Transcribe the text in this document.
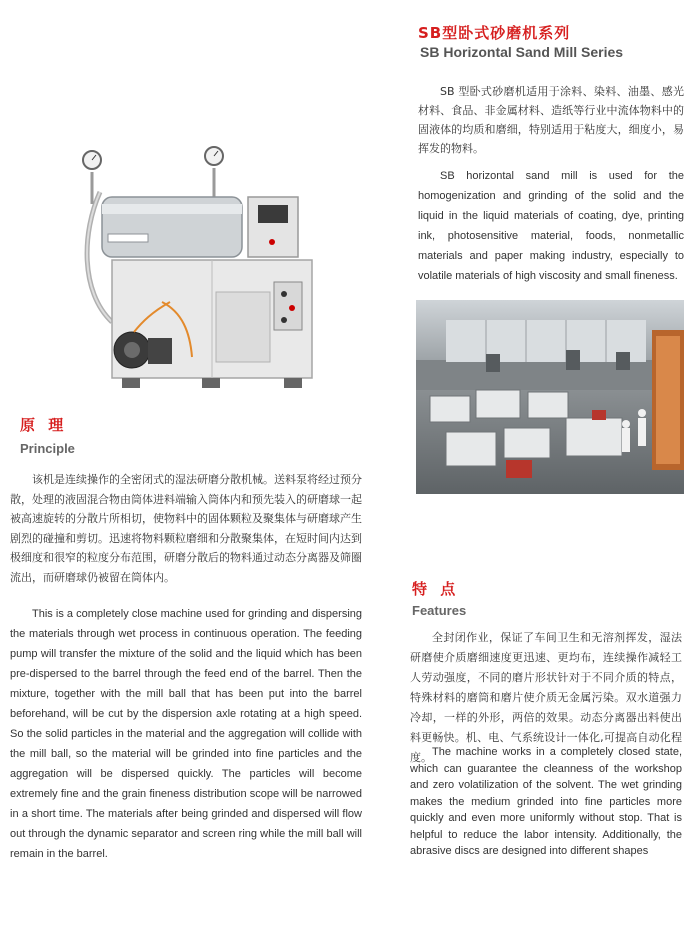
SB型卧式砂磨机系列
SB Horizontal Sand Mill Series

SB 型卧式砂磨机适用于涂料、染料、油墨、感光材料、食品、非金属材料、造纸等行业中流体物料中的固液体的均质和磨细，特别适用于粘度大，细度小，易挥发的物料。

SB horizontal sand mill is used for the homogenization and grinding of the solid and the liquid in the liquid materials of coating, dye, printing ink, photosensitive material, foods, nonmetallic materials and paper making industry, especially to volatile materials of high viscosity and small fineness.

原 理
Principle

该机是连续操作的全密闭式的湿法研磨分散机械。送料泵将经过预分散，处理的液固混合物由筒体进料端输入筒体内和预先装入的研磨球一起被高速旋转的分散片所相切，使物料中的固体颗粒及聚集体与研磨球产生剧烈的碰撞和剪切。迅速将物料颗粒磨细和分散聚集体，在短时间内达到极细度和很窄的粒度分布范围，研磨分散后的物料通过动态分离器及筛圈流出，而研磨球仍被留在筒体内。

This is a completely close machine used for grinding and dispersing the materials through wet process in continuous operation. The feeding pump will transfer the mixture of the solid and the liquid which has been pre-dispersed to the barrel through the feed end of the barrel. Then the mixture, together with the mill ball that has been put into the barrel beforehand, will be cut by the dispersion axle rotating at a high speed. So the solid particles in the material and the aggregation will collide with the mill ball, so the material will be grinded into fine particles and the aggregation will be dispersed quickly. The particles will become extremely fine and the grain fineness distribution scope will be narrowed in a short time. The materials after being grinded and dispersed will flow out through the dynamic separator and screen ring while the mill ball will remain in the barrel.

特 点
Features

全封闭作业，保证了车间卫生和无溶剂挥发，湿法研磨使介质磨细速度更迅速、更均布，连续操作减轻工人劳动强度，不同的磨片形状针对于不同介质的特点，特殊材料的磨筒和磨片使介质无金属污染。双水道强力冷却，一样的外形，两倍的效果。动态分离器出料使出料更畅快。机、电、气系统设计一体化,可提高自动化程度。 The machine works in a completely closed state, which can guarantee the cleanness of the workshop and zero volatilization of the solvent. The wet grinding makes the medium grinded into fine particles more quickly and even more uniformly without stop. That is helpful to reduce the labor intensity. Additionally, the abrasive discs are designed into different shapes
